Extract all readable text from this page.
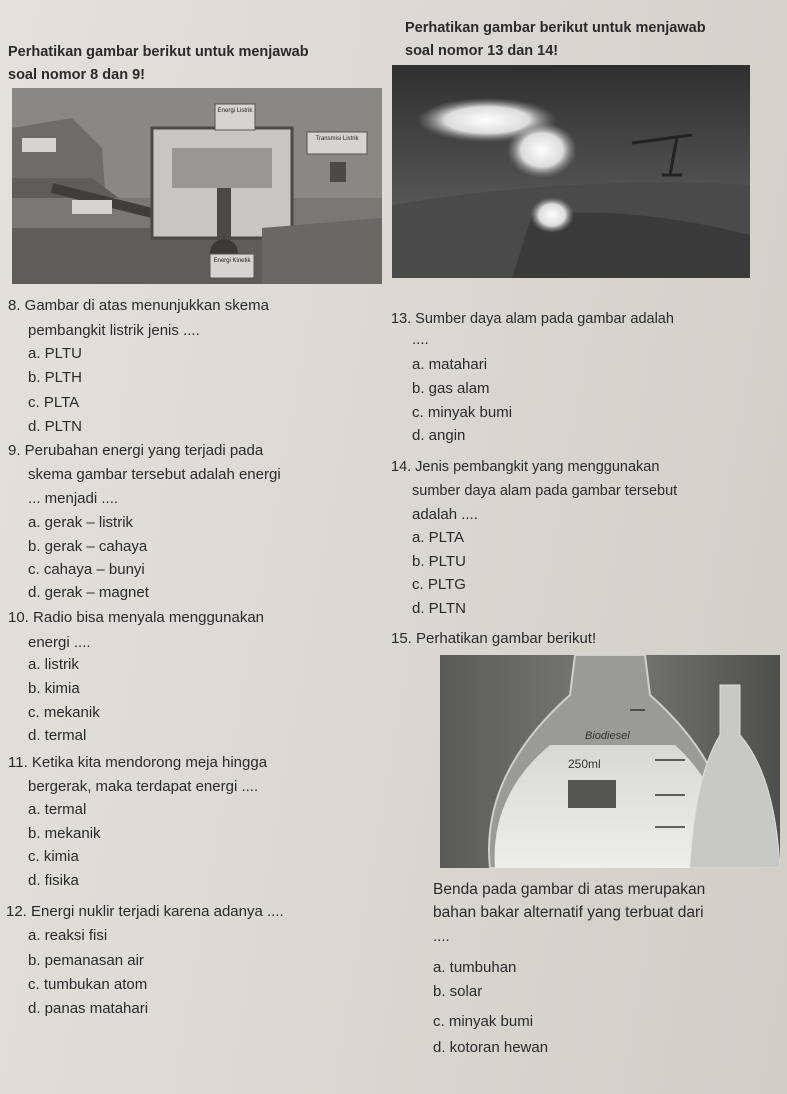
Perhatikan gambar berikut untuk menjawab
soal nomor 8 dan 9!
Perhatikan gambar berikut untuk menjawab
soal nomor 13 dan 14!
Energi Listrik
Transmisi Listrik
Energi Kinetik
8. Gambar di atas menunjukkan skema
pembangkit listrik jenis ....
a. PLTU
b. PLTH
c. PLTA
d. PLTN
9. Perubahan energi yang terjadi pada
skema gambar tersebut adalah energi
... menjadi ....
a. gerak – listrik
b. gerak – cahaya
c. cahaya – bunyi
d. gerak – magnet
10. Radio bisa menyala menggunakan
energi ....
a. listrik
b. kimia
c. mekanik
d. termal
11. Ketika kita mendorong meja hingga
bergerak, maka terdapat energi ....
a. termal
b. mekanik
c. kimia
d. fisika
12. Energi nuklir terjadi karena adanya ....
a. reaksi fisi
b. pemanasan air
c. tumbukan atom
d. panas matahari
13. Sumber daya alam pada gambar adalah
....
a. matahari
b. gas alam
c. minyak bumi
d. angin
14. Jenis pembangkit yang menggunakan
sumber daya alam pada gambar tersebut
adalah ....
a. PLTA
b. PLTU
c. PLTG
d. PLTN
15. Perhatikan gambar berikut!
Biodiesel
250ml
Benda pada gambar di atas merupakan
bahan bakar alternatif yang terbuat dari
....
a. tumbuhan
b. solar
c. minyak bumi
d. kotoran hewan
